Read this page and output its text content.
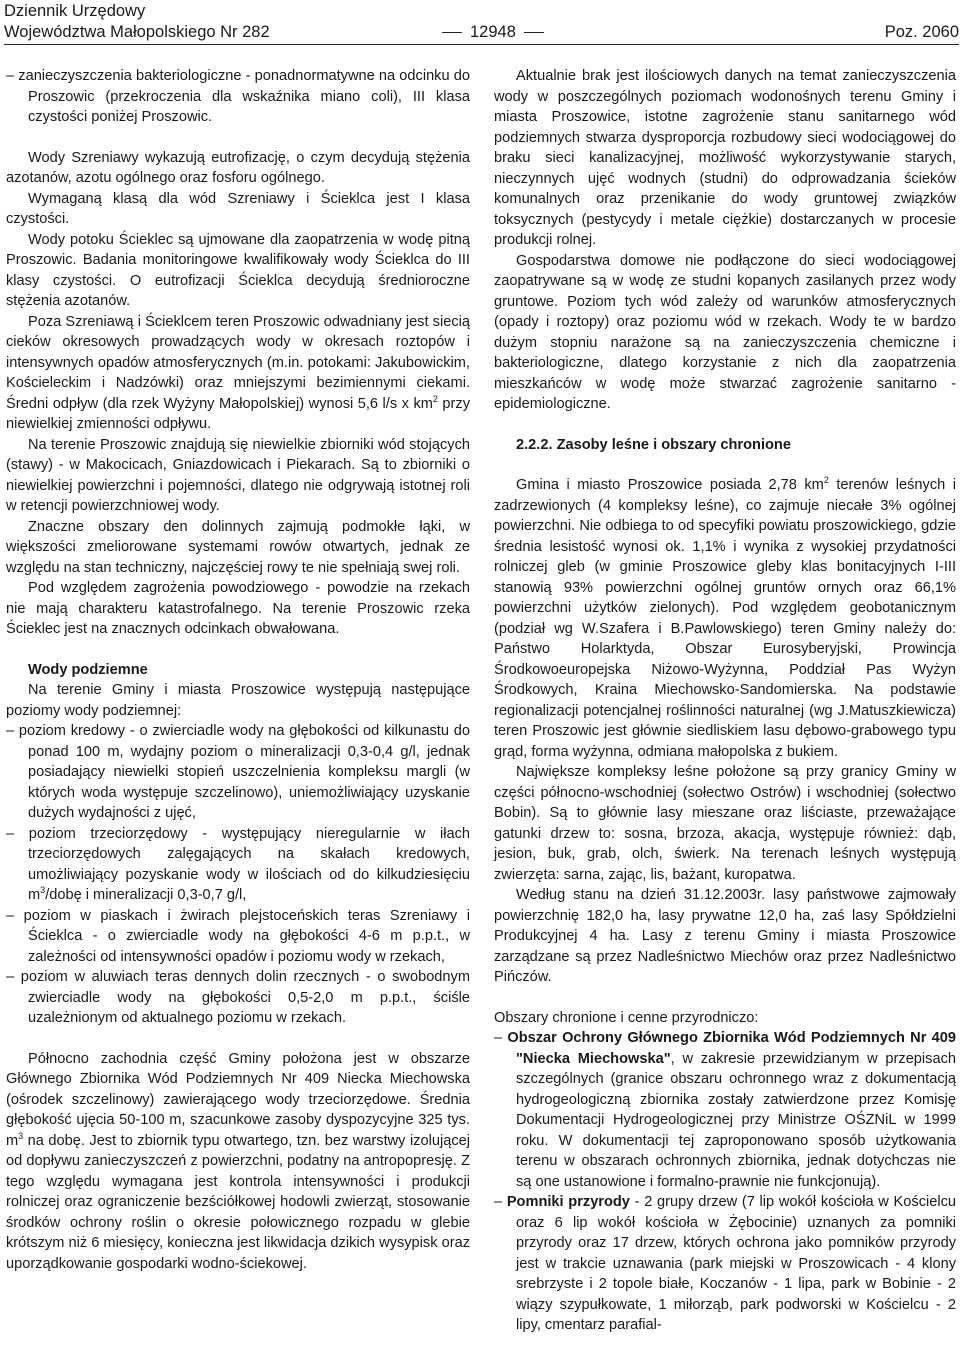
Dziennik Urzędowy
Województwa Małopolskiego Nr 282	12948	Poz. 2060

– zanieczyszczenia bakteriologiczne - ponadnormatywne na odcinku do Proszowic (przekroczenia dla wskaźnika miano coli), III klasa czystości poniżej Proszowic.

Wody Szreniawy wykazują eutrofizację, o czym decydują stężenia azotanów, azotu ogólnego oraz fosforu ogólnego.

Wymaganą klasą dla wód Szreniawy i Ścieklca jest I klasa czystości.

Wody potoku Ścieklec są ujmowane dla zaopatrzenia w wodę pitną Proszowic. Badania monitoringowe kwalifikowały wody Ścieklca do III klasy czystości. O eutrofizacji Ścieklca decydują średnioroczne stężenia azotanów.

Poza Szreniawą i Ścieklcem teren Proszowic odwadniany jest siecią cieków okresowych prowadzących wody w okresach roztopów i intensywnych opadów atmosferycznych (m.in. potokami: Jakubowickim, Kościeleckim i Nadzówki) oraz mniejszymi bezimiennymi ciekami. Średni odpływ (dla rzek Wyżyny Małopolskiej) wynosi 5,6 l/s x $km^2$ przy niewielkiej zmienności odpływu.

Na terenie Proszowic znajdują się niewielkie zbiorniki wód stojących (stawy) - w Makocicach, Gniazdowicach i Piekarach. Są to zbiorniki o niewielkiej powierzchni i pojemności, dlatego nie odgrywają istotnej roli w retencji powierzchniowej wody.

Znaczne obszary den dolinnych zajmują podmokłe łąki, w większości zmeliorowane systemami rowów otwartych, jednak ze względu na stan techniczny, najczęściej rowy te nie spełniają swej roli.

Pod względem zagrożenia powodziowego - powodzie na rzekach nie mają charakteru katastrofalnego. Na terenie Proszowic rzeka Ścieklec jest na znacznych odcinkach obwałowana.

Wody podziemne

Na terenie Gminy i miasta Proszowice występują następujące poziomy wody podziemnej:

– poziom kredowy - o zwierciadle wody na głębokości od kilkunastu do ponad 100 m, wydajny poziom o mineralizacji 0,3-0,4 g/l, jednak posiadający niewielki stopień uszczelnienia kompleksu margli (w których woda występuje szczelinowo), uniemożliwiający uzyskanie dużych wydajności z ujęć,

– poziom trzeciorzędowy - występujący nieregularnie w iłach trzeciorzędowych zalęgających na skałach kredowych, umożliwiający pozyskanie wody w ilościach od do kilkudziesięciu $m^3$/dobę i mineralizacji 0,3-0,7 g/l,

– poziom w piaskach i żwirach plejstoceńskich teras Szreniawy i Ścieklca - o zwierciadle wody na głębokości 4-6 m p.p.t., w zależności od intensywności opadów i poziomu wody w rzekach,

– poziom w aluwiach teras dennych dolin rzecznych - o swobodnym zwierciadle wody na głębokości 0,5-2,0 m p.p.t., ściśle uzależnionym od aktualnego poziomu w rzekach.

Północno zachodnia część Gminy położona jest w obszarze Głównego Zbiornika Wód Podziemnych Nr 409 Niecka Miechowska (ośrodek szczelinowy) zawierającego wody trzeciorzędowe. Średnia głębokość ujęcia 50-100 m, szacunkowe zasoby dyspozycyjne 325 tys. $m^3$ na dobę. Jest to zbiornik typu otwartego, tzn. bez warstwy izolującej od dopływu zanieczyszczeń z powierzchni, podatny na antropopresję. Z tego względu wymagana jest kontrola intensywności i produkcji rolniczej oraz ograniczenie bezściółkowej hodowli zwierząt, stosowanie środków ochrony roślin o okresie połowicznego rozpadu w glebie krótszym niż 6 miesięcy, konieczna jest likwidacja dzikich wysypisk oraz uporządkowanie gospodarki wodno-ściekowej.

Aktualnie brak jest ilościowych danych na temat zanieczyszczenia wody w poszczególnych poziomach wodonośnych terenu Gminy i miasta Proszowice, istotne zagrożenie stanu sanitarnego wód podziemnych stwarza dysproporcja rozbudowy sieci wodociągowej do braku sieci kanalizacyjnej, możliwość wykorzystywanie starych, nieczynnych ujęć wodnych (studni) do odprowadzania ścieków komunalnych oraz przenikanie do wody gruntowej związków toksycznych (pestycydy i metale ciężkie) dostarczanych w procesie produkcji rolnej.

Gospodarstwa domowe nie podłączone do sieci wodociągowej zaopatrywane są w wodę ze studni kopanych zasilanych przez wody gruntowe. Poziom tych wód zależy od warunków atmosferycznych (opady i roztopy) oraz poziomu wód w rzekach. Wody te w bardzo dużym stopniu narażone są na zanieczyszczenia chemiczne i bakteriologiczne, dlatego korzystanie z nich dla zaopatrzenia mieszkańców w wodę może stwarzać zagrożenie sanitarno - epidemiologiczne.

2.2.2. Zasoby leśne i obszary chronione

Gmina i miasto Proszowice posiada 2,78 $km^2$ terenów leśnych i zadrzewionych (4 kompleksy leśne), co zajmuje niecałe 3% ogólnej powierzchni. Nie odbiega to od specyfiki powiatu proszowickiego, gdzie średnia lesistość wynosi ok. 1,1% i wynika z wysokiej przydatności rolniczej gleb (w gminie Proszowice gleby klas bonitacyjnych I-III stanowią 93% powierzchni ogólnej gruntów ornych oraz 66,1% powierzchni użytków zielonych). Pod względem geobotanicznym (podział wg W.Szafera i B.Pawlowskiego) teren Gminy należy do: Państwo Holarktyda, Obszar Eurosyberyjski, Prowincja Środkowoeuropejska Niżowo-Wyżynna, Poddział Pas Wyżyn Środkowych, Kraina Miechowsko-Sandomierska. Na podstawie regionalizacji potencjalnej roślinności naturalnej (wg J.Matuszkiewicza) teren Proszowic jest głównie siedliskiem lasu dębowo-grabowego typu grąd, forma wyżynna, odmiana małopolska z bukiem.

Największe kompleksy leśne położone są przy granicy Gminy w części północno-wschodniej (sołectwo Ostrów) i wschodniej (sołectwo Bobin). Są to głównie lasy mieszane oraz liściaste, przeważające gatunki drzew to: sosna, brzoza, akacja, występuje również: dąb, jesion, buk, grab, olch, świerk. Na terenach leśnych występują zwierzęta: sarna, zając, lis, bażant, kuropatwa.

Według stanu na dzień 31.12.2003r. lasy państwowe zajmowały powierzchnię 182,0 ha, lasy prywatne 12,0 ha, zaś lasy Spółdzielni Produkcyjnej 4 ha. Lasy z terenu Gminy i miasta Proszowice zarządzane są przez Nadleśnictwo Miechów oraz przez Nadleśnictwo Pińczów.

Obszary chronione i cenne przyrodniczo:

– Obszar Ochrony Głównego Zbiornika Wód Podziemnych Nr 409 "Niecka Miechowska", w zakresie przewidzianym w przepisach szczególnych (granice obszaru ochronnego wraz z dokumentacją hydrogeologiczną zbiornika zostały zatwierdzone przez Komisję Dokumentacji Hydrogeologicznej przy Ministrze OŚZNiL w 1999 roku. W dokumentacji tej zaproponowano sposób użytkowania terenu w obszarach ochronnych zbiornika, jednak dotychczas nie są one ustanowione i formalno-prawnie nie funkcjonują).

– Pomniki przyrody - 2 grupy drzew (7 lip wokół kościoła w Kościelcu oraz 6 lip wokół kościoła w Żębocinie) uznanych za pomniki przyrody oraz 17 drzew, których ochrona jako pomników przyrody jest w trakcie uznawania (park miejski w Proszowicach - 4 klony srebrzyste i 2 topole białe, Koczanów - 1 lipa, park w Bobinie - 2 wiązy szypułkowate, 1 miłorząb, park podworski w Kościelcu - 2 lipy, cmentarz parafial-
